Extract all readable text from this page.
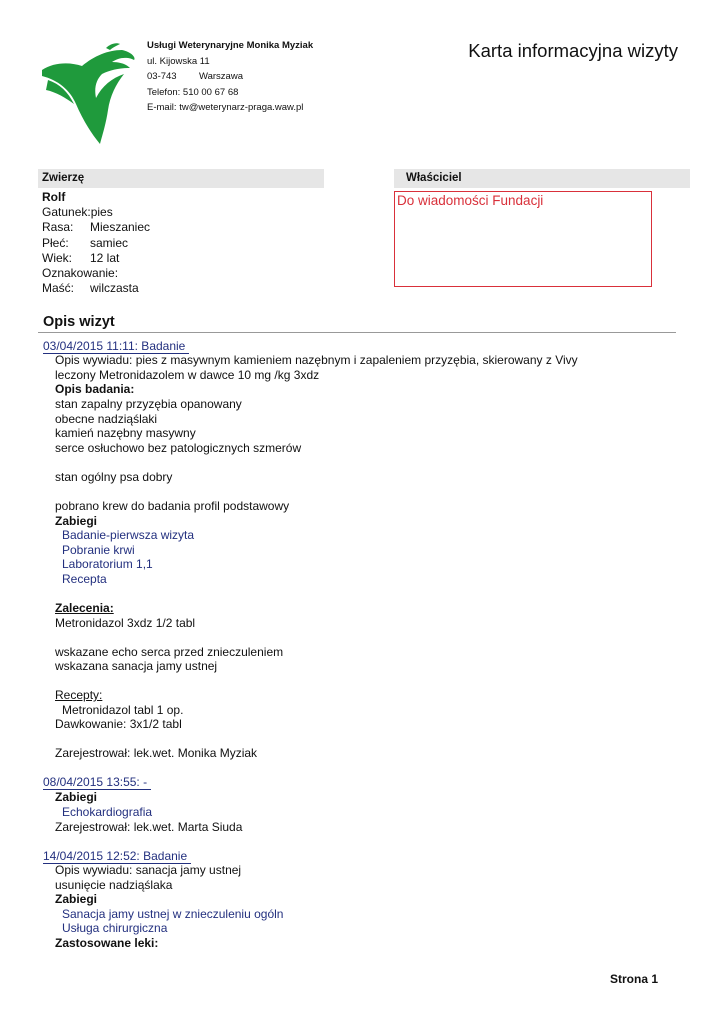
Usługi Weterynaryjne Monika Myziak
ul. Kijowska 11
03-743 Warszawa
Telefon: 510 00 67 68
E-mail: tw@weterynarz-praga.waw.pl
Karta informacyjna wizyty
Zwierzę	Właściciel
Rolf
Gatunek: pies
Rasa:	Mieszaniec
Płeć:	samiec
Wiek:	12 lat
Oznakowanie:
Maść:	wilczasta
Do wiadomości Fundacji
Opis wizyt
03/04/2015 11:11: Badanie
Opis wywiadu: pies z masywnym kamieniem nazębnym i zapaleniem przyzębia, skierowany z Vivy
leczony Metronidazolem w dawce 10 mg /kg 3xdz
Opis badania:
stan zapalny przyzębia opanowany
obecne nadziąślaki
kamień nazębny masywny
serce osłuchowo bez patologicznych szmerów
stan ogólny psa dobry
pobrano krew do badania profil podstawowy
Zabiegi
Badanie-pierwsza wizyta
Pobranie krwi
Laboratorium 1,1
Recepta
Zalecenia:
Metronidazol 3xdz 1/2 tabl
wskazane echo serca przed znieczuleniem
wskazana sanacja jamy ustnej
Recepty:
Metronidazol tabl 1 op.
Dawkowanie: 3x1/2 tabl
Zarejestrował: lek.wet. Monika Myziak
08/04/2015 13:55: -
Zabiegi
Echokardiografia
Zarejestrował: lek.wet. Marta Siuda
14/04/2015 12:52: Badanie
Opis wywiadu: sanacja jamy ustnej
usunięcie nadziąślaka
Zabiegi
Sanacja jamy ustnej w znieczuleniu ogóln
Usługa chirurgiczna
Zastosowane leki:
Strona 1
